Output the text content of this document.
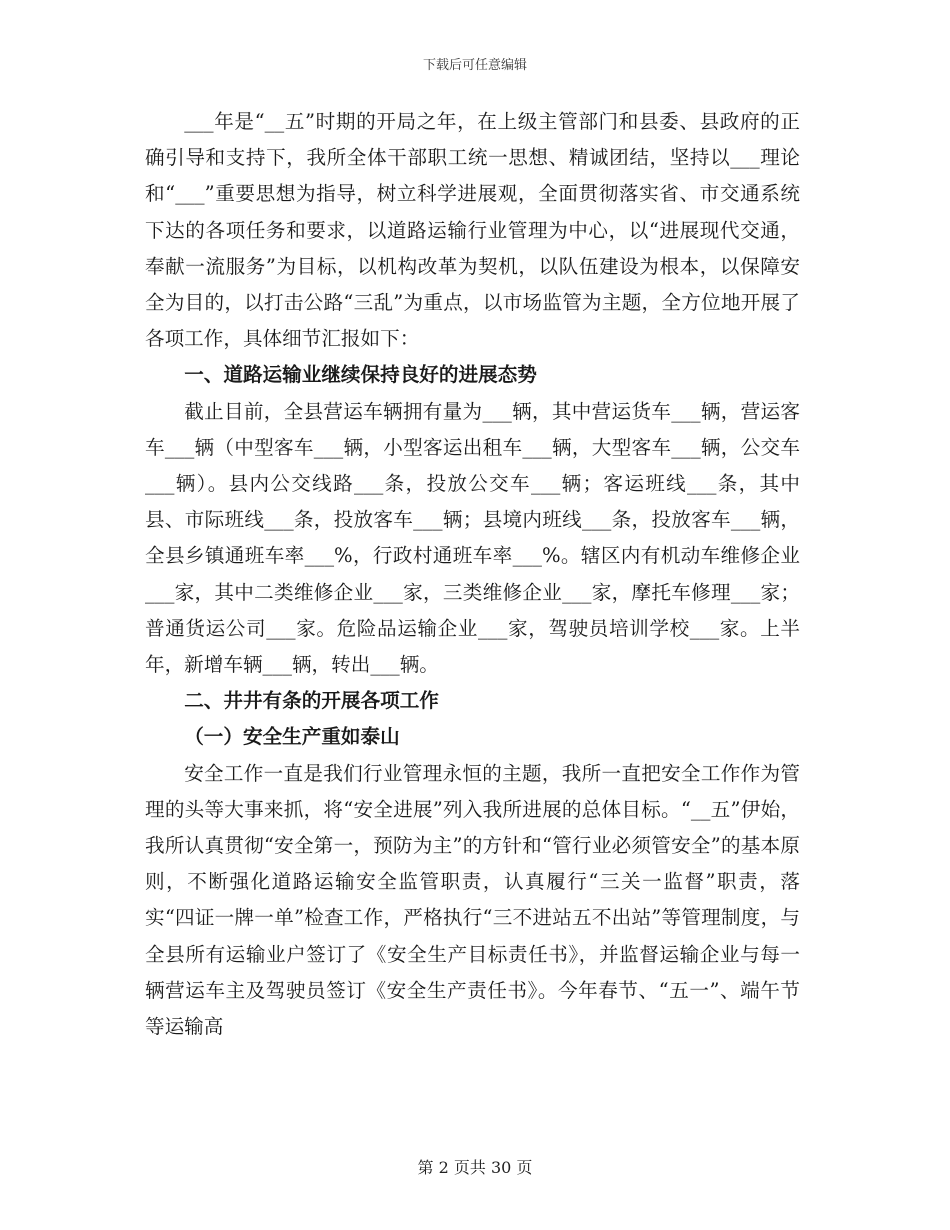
下载后可任意编辑

___年是“__五”时期的开局之年，在上级主管部门和县委、县政府的正确引导和支持下，我所全体干部职工统一思想、精诚团结，坚持以___理论和“___”重要思想为指导，树立科学进展观，全面贯彻落实省、市交通系统下达的各项任务和要求，以道路运输行业管理为中心，以“进展现代交通，奉献一流服务”为目标，以机构改革为契机，以队伍建设为根本，以保障安全为目的，以打击公路“三乱”为重点，以市场监管为主题，全方位地开展了各项工作，具体细节汇报如下：

一、道路运输业继续保持良好的进展态势

截止目前，全县营运车辆拥有量为___辆，其中营运货车___辆，营运客车___辆（中型客车___辆，小型客运出租车___辆，大型客车___辆，公交车___辆）。县内公交线路___条，投放公交车___辆；客运班线___条，其中县、市际班线___条，投放客车___辆；县境内班线___条，投放客车___辆，全县乡镇通班车率___%，行政村通班车率___%。辖区内有机动车维修企业___家，其中二类维修企业___家，三类维修企业___家，摩托车修理___家；普通货运公司___家。危险品运输企业___家，驾驶员培训学校___家。上半年，新增车辆___辆，转出___辆。

二、井井有条的开展各项工作
（一）安全生产重如泰山

安全工作一直是我们行业管理永恒的主题，我所一直把安全工作作为管理的头等大事来抓，将“安全进展”列入我所进展的总体目标。“__五”伊始，我所认真贯彻“安全第一，预防为主”的方针和“管行业必须管安全”的基本原则，不断强化道路运输安全监管职责，认真履行“三关一监督”职责，落实“四证一牌一单”检查工作，严格执行“三不进站五不出站”等管理制度，与全县所有运输业户签订了《安全生产目标责任书》，并监督运输企业与每一辆营运车主及驾驶员签订《安全生产责任书》。今年春节、“五一”、端午节等运输高

第 2 页共 30 页
